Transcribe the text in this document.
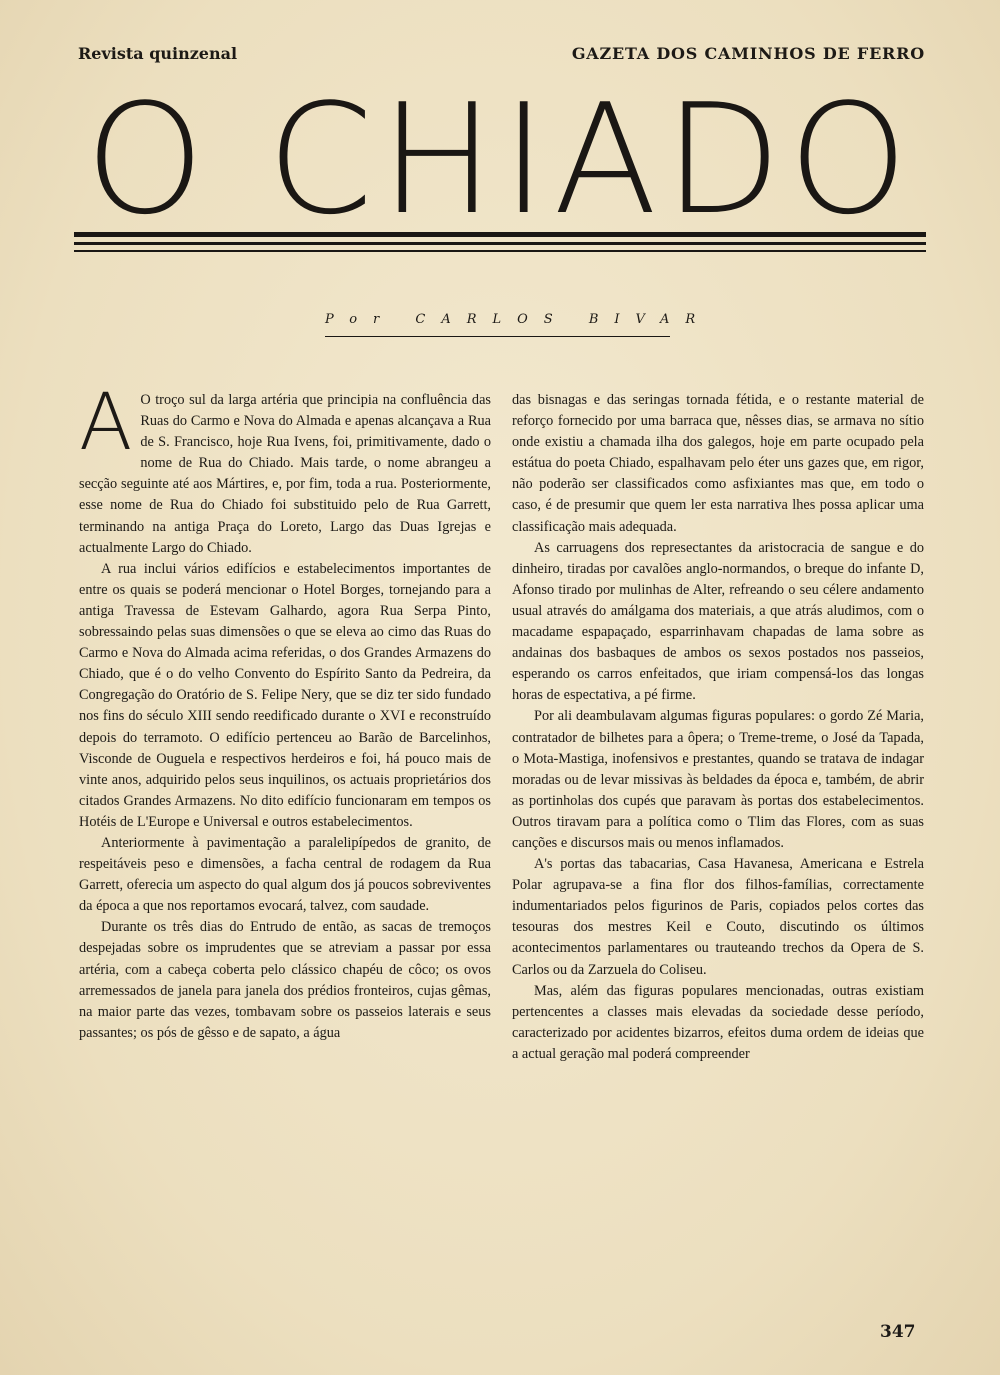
Revista quinzenal	GAZETA DOS CAMINHOS DE FERRO
O CHIADO
Por CARLOS BIVAR

A O troço sul da larga artéria que principia na confluência das Ruas do Carmo e Nova do Almada e apenas alcançava a Rua de S. Francisco, hoje Rua Ivens, foi, primitivamente, dado o nome de Rua do Chiado. Mais tarde, o nome abrangeu a secção seguinte até aos Mártires, e, por fim, toda a rua. Posteriormente, esse nome de Rua do Chiado foi substituido pelo de Rua Garrett, terminando na antiga Praça do Loreto, Largo das Duas Igrejas e actualmente Largo do Chiado.

A rua inclui vários edifícios e estabelecimentos importantes de entre os quais se poderá mencionar o Hotel Borges, tornejando para a antiga Travessa de Estevam Galhardo, agora Rua Serpa Pinto, sobressaindo pelas suas dimensões o que se eleva ao cimo das Ruas do Carmo e Nova do Almada acima referidas, o dos Grandes Armazens do Chiado, que é o do velho Convento do Espírito Santo da Pedreira, da Congregação do Oratório de S. Felipe Nery, que se diz ter sido fundado nos fins do século XIII sendo reedificado durante o XVI e reconstruído depois do terramoto. O edifício pertenceu ao Barão de Barcelinhos, Visconde de Ouguela e respectivos herdeiros e foi, há pouco mais de vinte anos, adquirido pelos seus inquilinos, os actuais proprietários dos citados Grandes Armazens. No dito edifício funcionaram em tempos os Hotéis de L'Europe e Universal e outros estabelecimentos.

Anteriormente à pavimentação a paralelipípedos de granito, de respeitáveis peso e dimensões, a facha central de rodagem da Rua Garrett, oferecia um aspecto do qual algum dos já poucos sobreviventes da época a que nos reportamos evocará, talvez, com saudade.

Durante os três dias do Entrudo de então, as sacas de tremoços despejadas sobre os imprudentes que se atreviam a passar por essa artéria, com a cabeça coberta pelo clássico chapéu de côco; os ovos arremessados de janela para janela dos prédios fronteiros, cujas gêmas, na maior parte das vezes, tombavam sobre os passeios laterais e seus passantes; os pós de gêsso e de sapato, a água

das bisnagas e das seringas tornada fétida, e o restante material de reforço fornecido por uma barraca que, nêsses dias, se armava no sítio onde existiu a chamada ilha dos galegos, hoje em parte ocupado pela estátua do poeta Chiado, espalhavam pelo éter uns gazes que, em rigor, não poderão ser classificados como asfixiantes mas que, em todo o caso, é de presumir que quem ler esta narrativa lhes possa aplicar uma classificação mais adequada.

As carruagens dos represectantes da aristocracia de sangue e do dinheiro, tiradas por cavalões anglo-normandos, o breque do infante D, Afonso tirado por mulinhas de Alter, refreando o seu célere andamento usual através do amálgama dos materiais, a que atrás aludimos, com o macadame espapaçado, esparrinhavam chapadas de lama sobre as andainas dos basbaques de ambos os sexos postados nos passeios, esperando os carros enfeitados, que iriam compensá-los das longas horas de espectativa, a pé firme.

Por ali deambulavam algumas figuras populares: o gordo Zé Maria, contratador de bilhetes para a ôpera; o Treme-treme, o José da Tapada, o Mota-Mastiga, inofensivos e prestantes, quando se tratava de indagar moradas ou de levar missivas às beldades da época e, também, de abrir as portinholas dos cupés que paravam às portas dos estabelecimentos. Outros tiravam para a política como o Tlim das Flores, com as suas canções e discursos mais ou menos inflamados.

A's portas das tabacarias, Casa Havanesa, Americana e Estrela Polar agrupava-se a fina flor dos filhos-famílias, correctamente indumentariados pelos figurinos de Paris, copiados pelos cortes das tesouras dos mestres Keil e Couto, discutindo os últimos acontecimentos parlamentares ou trauteando trechos da Opera de S. Carlos ou da Zarzuela do Coliseu.

Mas, além das figuras populares mencionadas, outras existiam pertencentes a classes mais elevadas da sociedade desse período, caracterizado por acidentes bizarros, efeitos duma ordem de ideias que a actual geração mal poderá compreender

347
